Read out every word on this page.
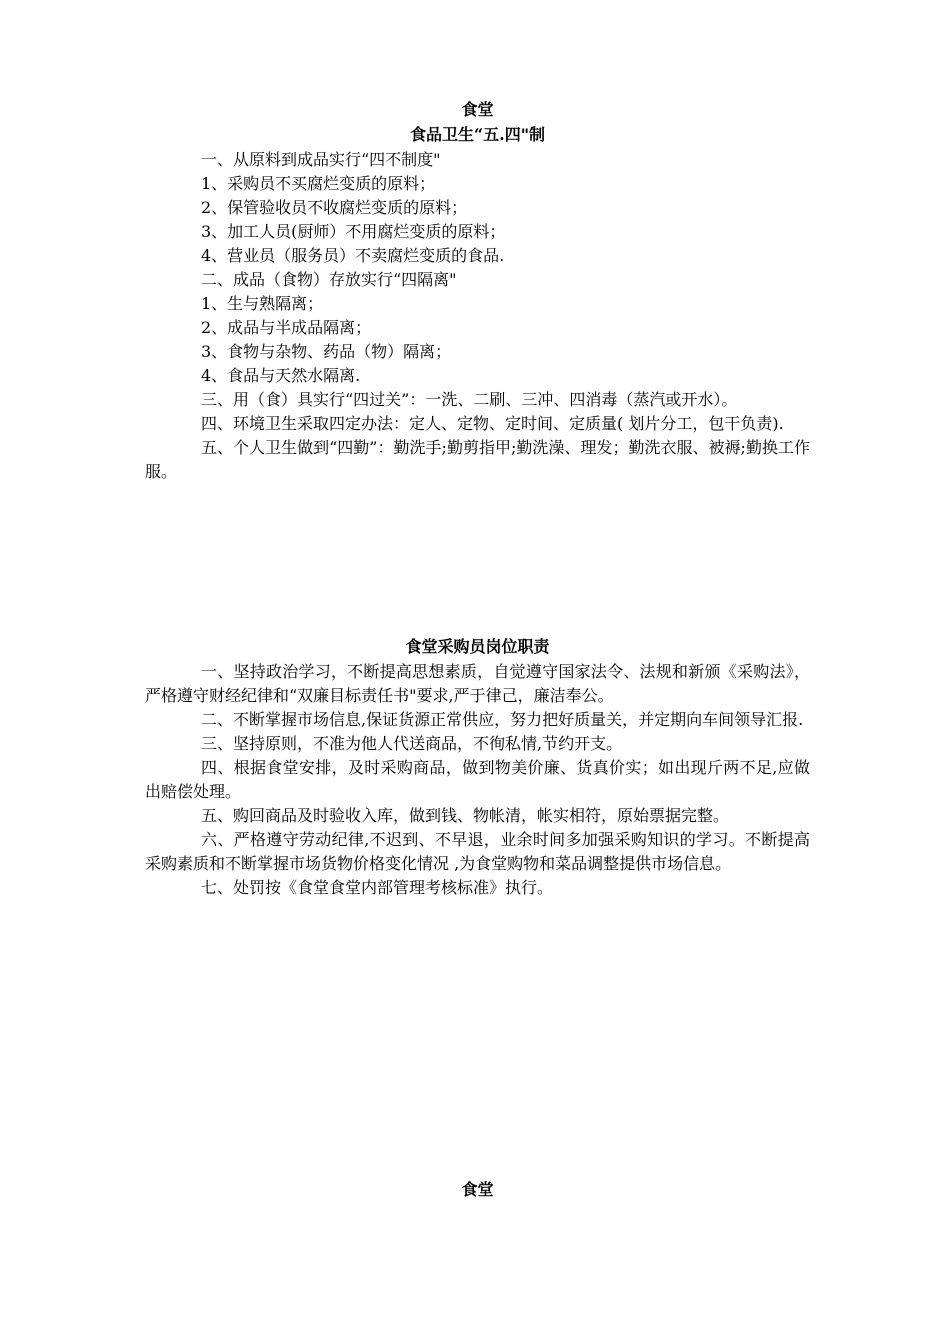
食堂
食品卫生“五.四"制

一、从原料到成品实行“四不制度"

1、采购员不买腐烂变质的原料；

2、保管验收员不收腐烂变质的原料；

3、加工人员(厨师）不用腐烂变质的原料；

4、营业员（服务员）不卖腐烂变质的食品.

二、成品（食物）存放实行“四隔离"

1、生与熟隔离；

2、成品与半成品隔离；

3、食物与杂物、药品（物）隔离；

4、食品与天然水隔离.

三、用（食）具实行“四过关”：一洗、二刷、三冲、四消毒（蒸汽或开水）。

四、环境卫生采取四定办法：定人、定物、定时间、定质量( 划片分工，包干负责).

五、个人卫生做到“四勤”：勤洗手;勤剪指甲;勤洗澡、理发；勤洗衣服、被褥;勤换工作服。

食堂采购员岗位职责

一、坚持政治学习，不断提高思想素质，自觉遵守国家法令、法规和新颁《采购法》，严格遵守财经纪律和“双廉目标责任书"要求,严于律己，廉洁奉公。

二、不断掌握市场信息,保证货源正常供应，努力把好质量关，并定期向车间领导汇报.

三、坚持原则，不准为他人代送商品，不徇私情,节约开支。

四、根据食堂安排，及时采购商品，做到物美价廉、货真价实；如出现斤两不足,应做出赔偿处理。

五、购回商品及时验收入库，做到钱、物帐清，帐实相符，原始票据完整。

六、严格遵守劳动纪律,不迟到、不早退，业余时间多加强采购知识的学习。不断提高采购素质和不断掌握市场货物价格变化情况 ,为食堂购物和菜品调整提供市场信息。

七、处罚按《食堂食堂内部管理考核标准》执行。

食堂
